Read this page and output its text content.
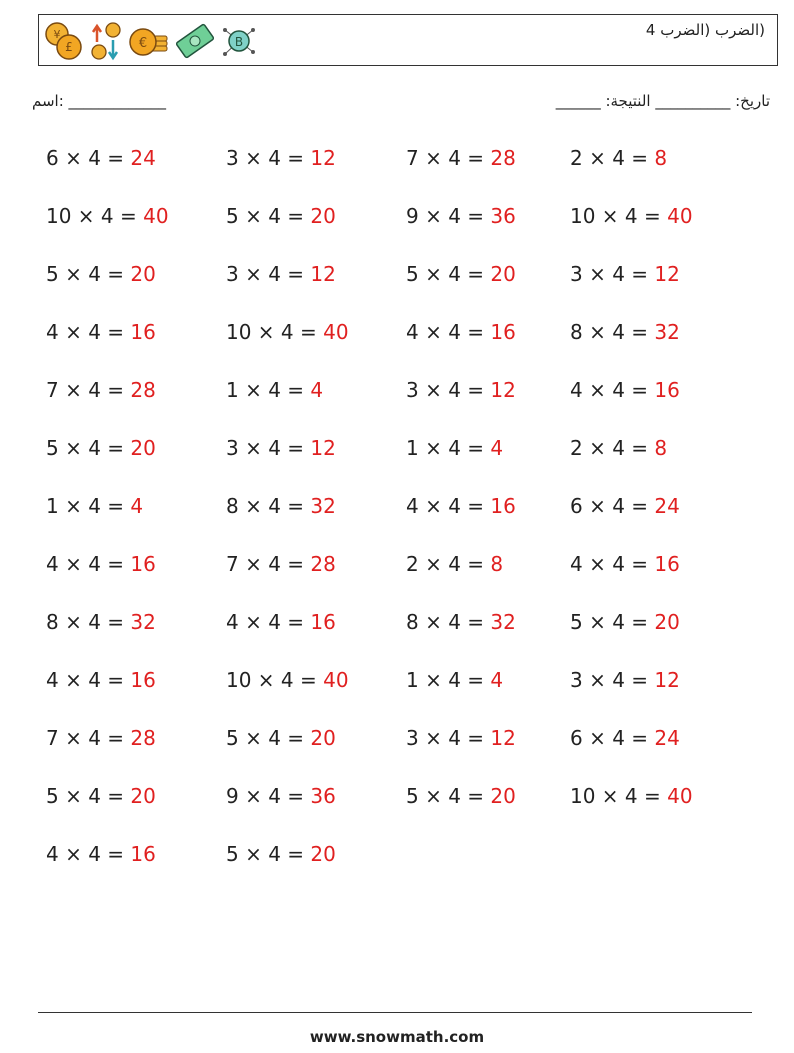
¥
£	€	B
(الضرب (الضرب 4
اسم: _____________	______ :تاريخ: __________ النتيجة
6 × 4 = 24	3 × 4 = 12	7 × 4 = 28	2 × 4 = 8
10 × 4 = 40	5 × 4 = 20	9 × 4 = 36	10 × 4 = 40
5 × 4 = 20	3 × 4 = 12	5 × 4 = 20	3 × 4 = 12
4 × 4 = 16	10 × 4 = 40	4 × 4 = 16	8 × 4 = 32
7 × 4 = 28	1 × 4 = 4	3 × 4 = 12	4 × 4 = 16
5 × 4 = 20	3 × 4 = 12	1 × 4 = 4	2 × 4 = 8
1 × 4 = 4	8 × 4 = 32	4 × 4 = 16	6 × 4 = 24
4 × 4 = 16	7 × 4 = 28	2 × 4 = 8	4 × 4 = 16
8 × 4 = 32	4 × 4 = 16	8 × 4 = 32	5 × 4 = 20
4 × 4 = 16	10 × 4 = 40	1 × 4 = 4	3 × 4 = 12
7 × 4 = 28	5 × 4 = 20	3 × 4 = 12	6 × 4 = 24
5 × 4 = 20	9 × 4 = 36	5 × 4 = 20	10 × 4 = 40
4 × 4 = 16	5 × 4 = 20
www.snowmath.com
